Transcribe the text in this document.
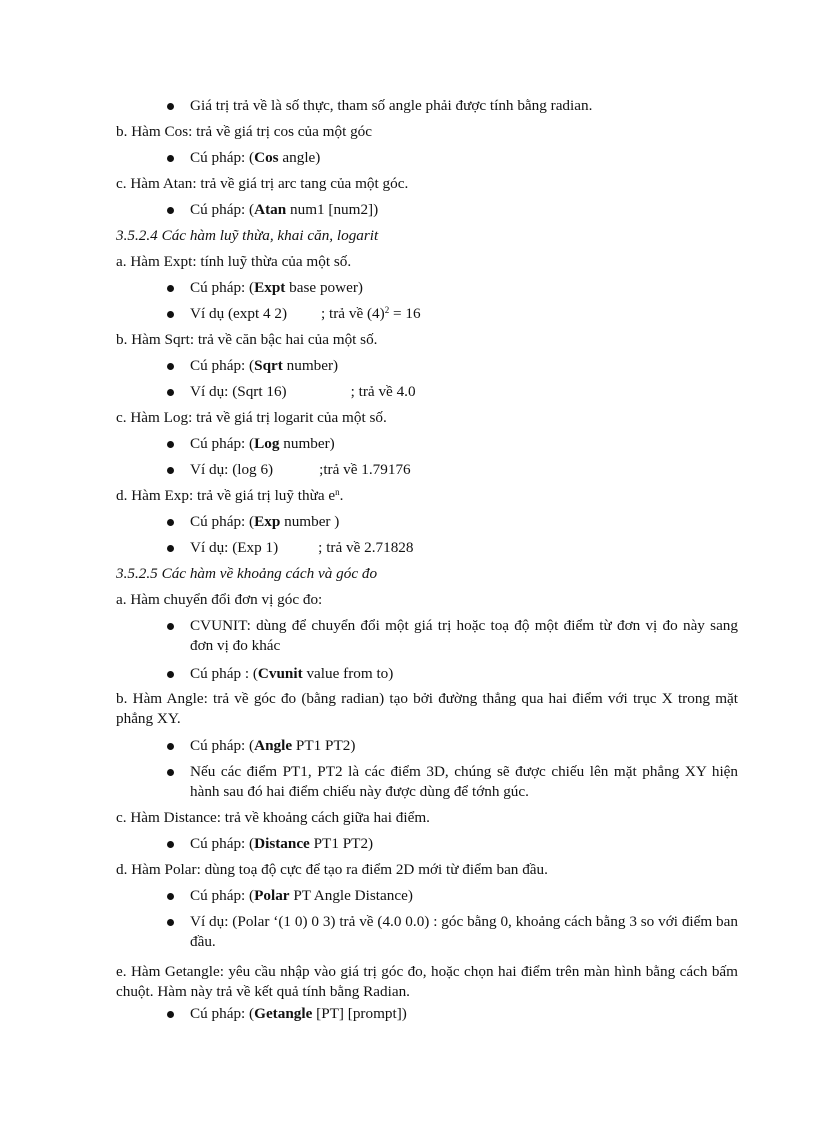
Giá trị trả về là số thực, tham số angle phải được tính bằng radian.

b. Hàm Cos: trả về giá trị cos của một góc

Cú pháp: (Cos angle)

c. Hàm Atan: trả về giá trị arc tang của một góc.

Cú pháp: (Atan num1 [num2])

3.5.2.4 Các hàm luỹ thừa, khai căn, logarit

a. Hàm Expt: tính luỹ thừa của một số.

Cú pháp: (Expt base power)
Ví dụ (expt 4 2) ; trả về $(4)^2 = 16$

b. Hàm Sqrt: trả về căn bậc hai của một số.

Cú pháp: (Sqrt number)
Ví dụ: (Sqrt 16)	; trả về 4.0

c. Hàm Log: trả về giá trị logarit của một số.

Cú pháp: (Log number)
Ví dụ: (log 6)	;trả về 1.79176

d. Hàm Exp: trả về giá trị luỹ thừa $e^n$.

Cú pháp: (Exp number )
Ví dụ: (Exp 1)	; trả về 2.71828

3.5.2.5 Các hàm về khoảng cách và góc đo

a. Hàm chuyển đổi đơn vị góc đo:

CVUNIT: dùng để chuyển đổi một giá trị hoặc toạ độ một điểm từ đơn vị đo này sang đơn vị đo khác
Cú pháp : (Cvunit value from to)

b. Hàm Angle: trả về góc đo (bằng radian) tạo bởi đường thẳng qua hai điểm với trục X trong mặt phẳng XY.

Cú pháp: (Angle PT1 PT2)
Nếu các điểm PT1, PT2 là các điểm 3D, chúng sẽ được chiếu lên mặt phẳng XY hiện hành sau đó hai điểm chiếu này được dùng để tớnh gúc.

c. Hàm Distance: trả về khoảng cách giữa hai điểm.

Cú pháp: (Distance PT1 PT2)

d. Hàm Polar: dùng toạ độ cực để tạo ra điểm 2D mới từ điểm ban đầu.

Cú pháp: (Polar PT Angle Distance)
Ví dụ: (Polar ‘(1 0) 0 3) trả về (4.0 0.0) : góc bằng 0, khoảng cách bằng 3 so với điểm ban đầu.

e. Hàm Getangle: yêu cầu nhập vào giá trị góc đo, hoặc chọn hai điểm trên màn hình bằng cách bấm chuột. Hàm này trả về kết quả tính bằng Radian.

Cú pháp: (Getangle [PT] [prompt])
